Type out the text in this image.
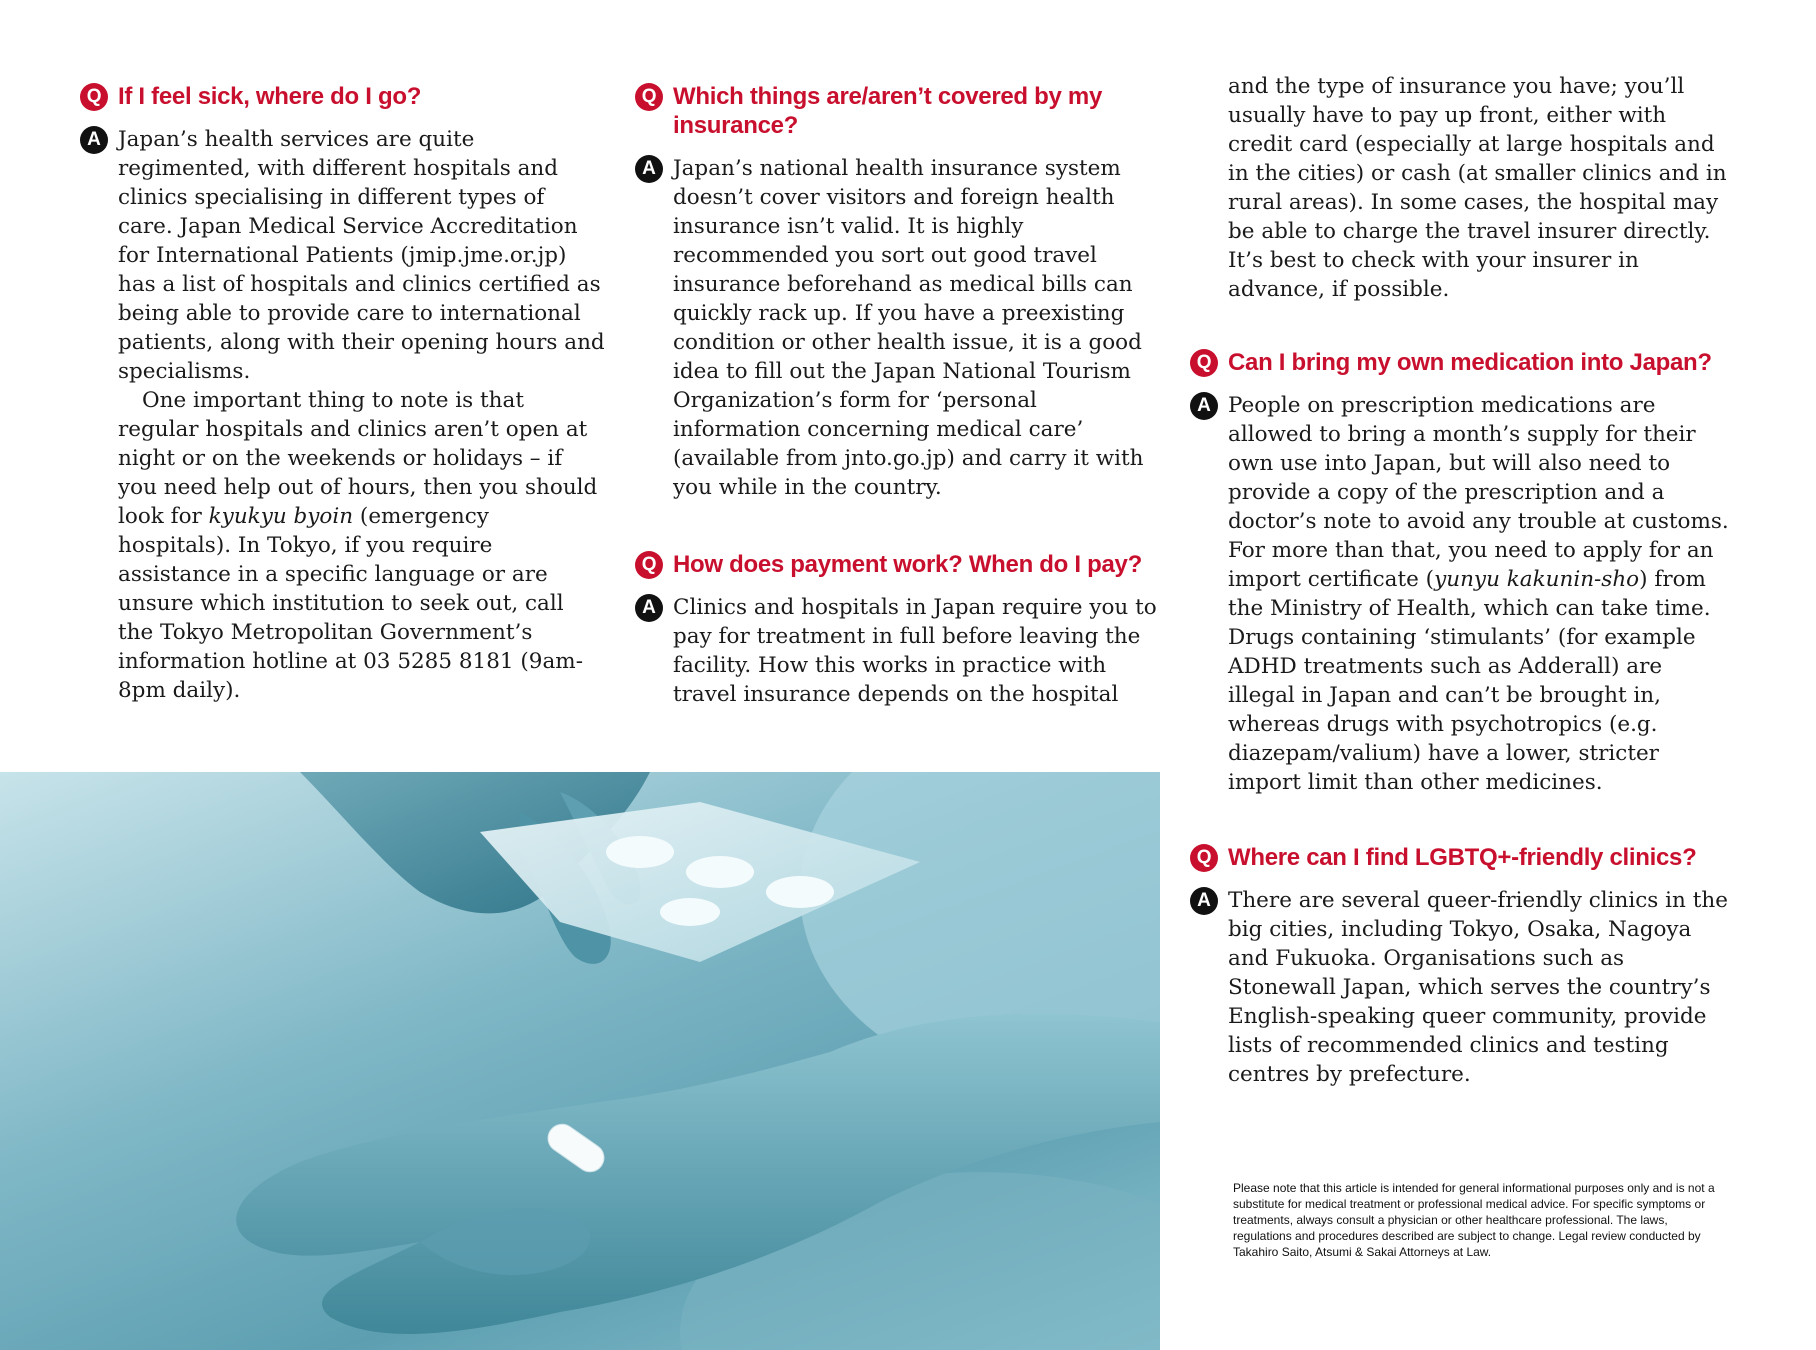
Q If I feel sick, where do I go?
A Japan’s health services are quite regimented, with different hospitals and clinics specialising in different types of care. Japan Medical Service Accreditation for International Patients (jmip.jme.or.jp) has a list of hospitals and clinics certified as being able to provide care to international patients, along with their opening hours and specialisms.

One important thing to note is that regular hospitals and clinics aren’t open at night or on the weekends or holidays – if you need help out of hours, then you should look for kyukyu byoin (emergency hospitals). In Tokyo, if you require assistance in a specific language or are unsure which institution to seek out, call the Tokyo Metropolitan Government’s information hotline at 03 5285 8181 (9am-8pm daily).

Q Which things are/aren’t covered by my insurance?
A Japan’s national health insurance system doesn’t cover visitors and foreign health insurance isn’t valid. It is highly recommended you sort out good travel insurance beforehand as medical bills can quickly rack up. If you have a preexisting condition or other health issue, it is a good idea to fill out the Japan National Tourism Organization’s form for ‘personal information concerning medical care’ (available from jnto.go.jp) and carry it with you while in the country.

Q How does payment work? When do I pay?
A Clinics and hospitals in Japan require you to pay for treatment in full before leaving the facility. How this works in practice with travel insurance depends on the hospital

and the type of insurance you have; you’ll usually have to pay up front, either with credit card (especially at large hospitals and in the cities) or cash (at smaller clinics and in rural areas). In some cases, the hospital may be able to charge the travel insurer directly. It’s best to check with your insurer in advance, if possible.

Q Can I bring my own medication into Japan?
A People on prescription medications are allowed to bring a month’s supply for their own use into Japan, but will also need to provide a copy of the prescription and a doctor’s note to avoid any trouble at customs. For more than that, you need to apply for an import certificate (yunyu kakunin-sho) from the Ministry of Health, which can take time. Drugs containing ‘stimulants’ (for example ADHD treatments such as Adderall) are illegal in Japan and can’t be brought in, whereas drugs with psychotropics (e.g. diazepam/valium) have a lower, stricter import limit than other medicines.

Q Where can I find LGBTQ+-friendly clinics?
A There are several queer-friendly clinics in the big cities, including Tokyo, Osaka, Nagoya and Fukuoka. Organisations such as Stonewall Japan, which serves the country’s English-speaking queer community, provide lists of recommended clinics and testing centres by prefecture.

Please note that this article is intended for general informational purposes only and is not a substitute for medical treatment or professional medical advice. For specific symptoms or treatments, always consult a physician or other healthcare professional. The laws, regulations and procedures described are subject to change. Legal review conducted by Takahiro Saito, Atsumi & Sakai Attorneys at Law.
